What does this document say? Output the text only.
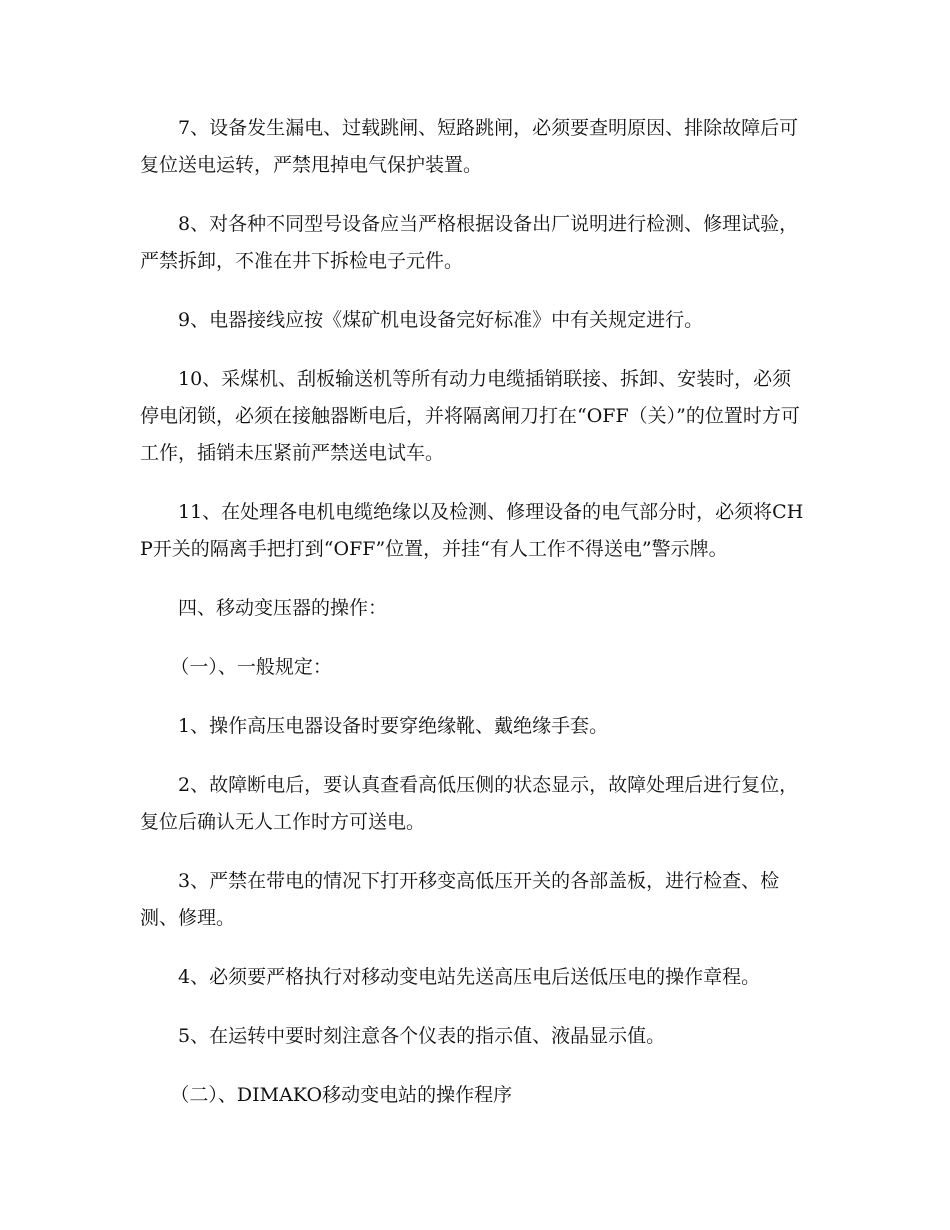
7、设备发生漏电、过载跳闸、短路跳闸，必须要查明原因、排除故障后可复位送电运转，严禁甩掉电气保护装置。

8、对各种不同型号设备应当严格根据设备出厂说明进行检测、修理试验，严禁拆卸，不准在井下拆检电子元件。

9、电器接线应按《煤矿机电设备完好标准》中有关规定进行。

10、采煤机、刮板输送机等所有动力电缆插销联接、拆卸、安装时，必须停电闭锁，必须在接触器断电后，并将隔离闸刀打在“OFF（关）”的位置时方可工作，插销未压紧前严禁送电试车。

11、在处理各电机电缆绝缘以及检测、修理设备的电气部分时，必须将CHP开关的隔离手把打到“OFF”位置，并挂“有人工作不得送电”警示牌。

四、移动变压器的操作：

（一）、一般规定：

1、操作高压电器设备时要穿绝缘靴、戴绝缘手套。

2、故障断电后，要认真查看高低压侧的状态显示，故障处理后进行复位，复位后确认无人工作时方可送电。

3、严禁在带电的情况下打开移变高低压开关的各部盖板，进行检查、检测、修理。

4、必须要严格执行对移动变电站先送高压电后送低压电的操作章程。

5、在运转中要时刻注意各个仪表的指示值、液晶显示值。

（二）、DIMAKO移动变电站的操作程序
